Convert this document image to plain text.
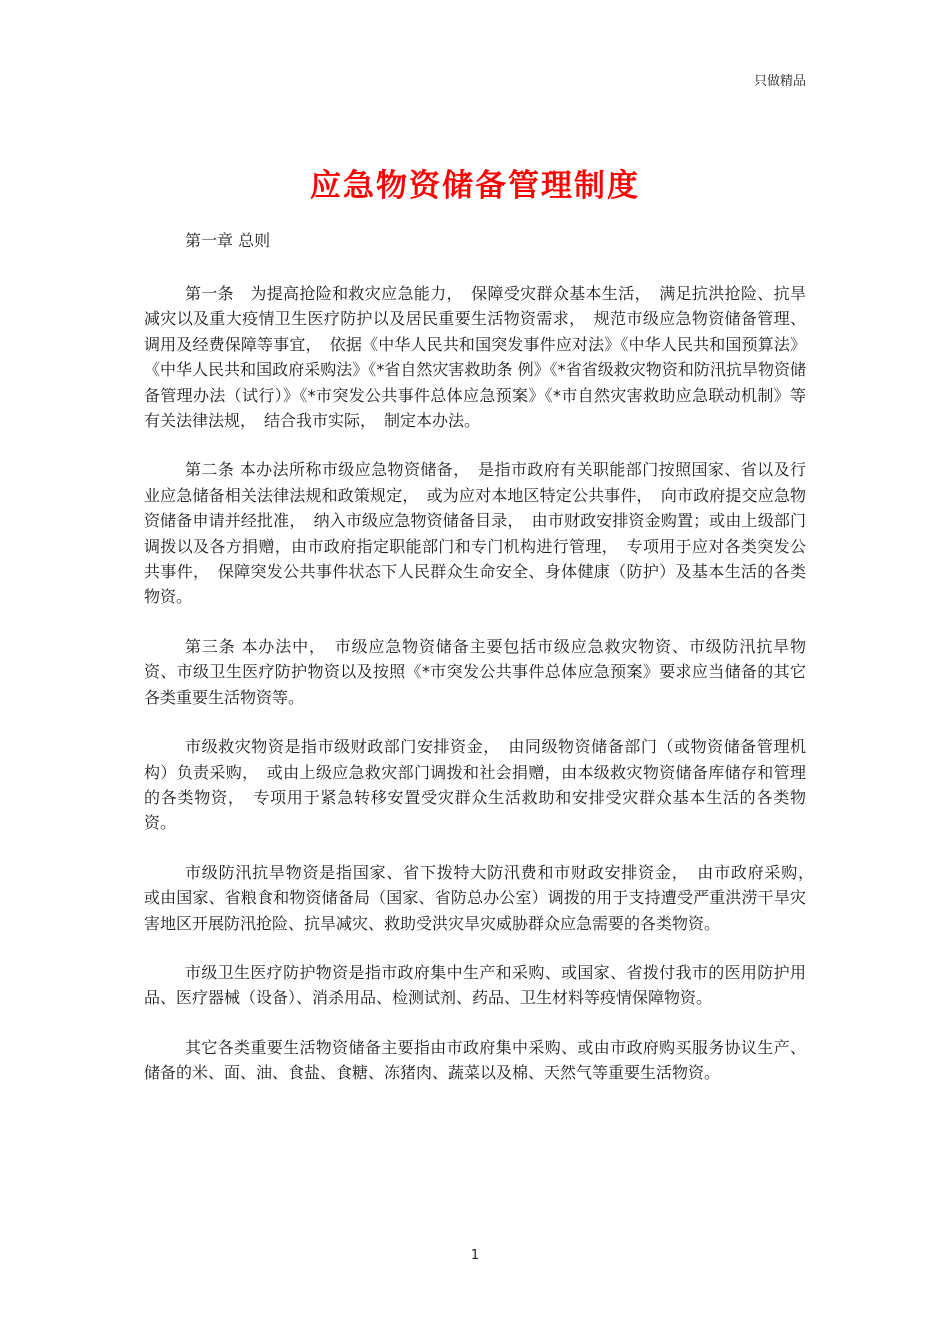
只做精品
应急物资储备管理制度

第一章 总则

第一条　为提高抢险和救灾应急能力，　保障受灾群众基本生活，　满足抗洪抢险、抗旱减灾以及重大疫情卫生医疗防护以及居民重要生活物资需求，　规范市级应急物资储备管理、调用及经费保障等事宜，　依据《中华人民共和国突发事件应对法》《中华人民共和国预算法》《中华人民共和国政府采购法》《*省自然灾害救助条 例》《*省省级救灾物资和防汛抗旱物资储备管理办法（试行）》《*市突发公共事件总体应急预案》《*市自然灾害救助应急联动机制》等有关法律法规，　结合我市实际，　制定本办法。

第二条 本办法所称市级应急物资储备，　是指市政府有关职能部门按照国家、省以及行业应急储备相关法律法规和政策规定，　或为应对本地区特定公共事件，　向市政府提交应急物资储备申请并经批准，　纳入市级应急物资储备目录，　由市财政安排资金购置；或由上级部门调拨以及各方捐赠，由市政府指定职能部门和专门机构进行管理，　专项用于应对各类突发公共事件，　保障突发公共事件状态下人民群众生命安全、身体健康（防护）及基本生活的各类物资。

第三条 本办法中，　市级应急物资储备主要包括市级应急救灾物资、市级防汛抗旱物资、市级卫生医疗防护物资以及按照《*市突发公共事件总体应急预案》要求应当储备的其它各类重要生活物资等。

市级救灾物资是指市级财政部门安排资金，　由同级物资储备部门（或物资储备管理机构）负责采购，　或由上级应急救灾部门调拨和社会捐赠，由本级救灾物资储备库储存和管理的各类物资，　专项用于紧急转移安置受灾群众生活救助和安排受灾群众基本生活的各类物资。

市级防汛抗旱物资是指国家、省下拨特大防汛费和市财政安排资金，　由市政府采购，　或由国家、省粮食和物资储备局（国家、省防总办公室）调拨的用于支持遭受严重洪涝干旱灾害地区开展防汛抢险、抗旱减灾、救助受洪灾旱灾威胁群众应急需要的各类物资。

市级卫生医疗防护物资是指市政府集中生产和采购、或国家、省拨付我市的医用防护用品、医疗器械（设备）、消杀用品、检测试剂、药品、卫生材料等疫情保障物资。

其它各类重要生活物资储备主要指由市政府集中采购、或由市政府购买服务协议生产、储备的米、面、油、食盐、食糖、冻猪肉、蔬菜以及棉、天然气等重要生活物资。

1
